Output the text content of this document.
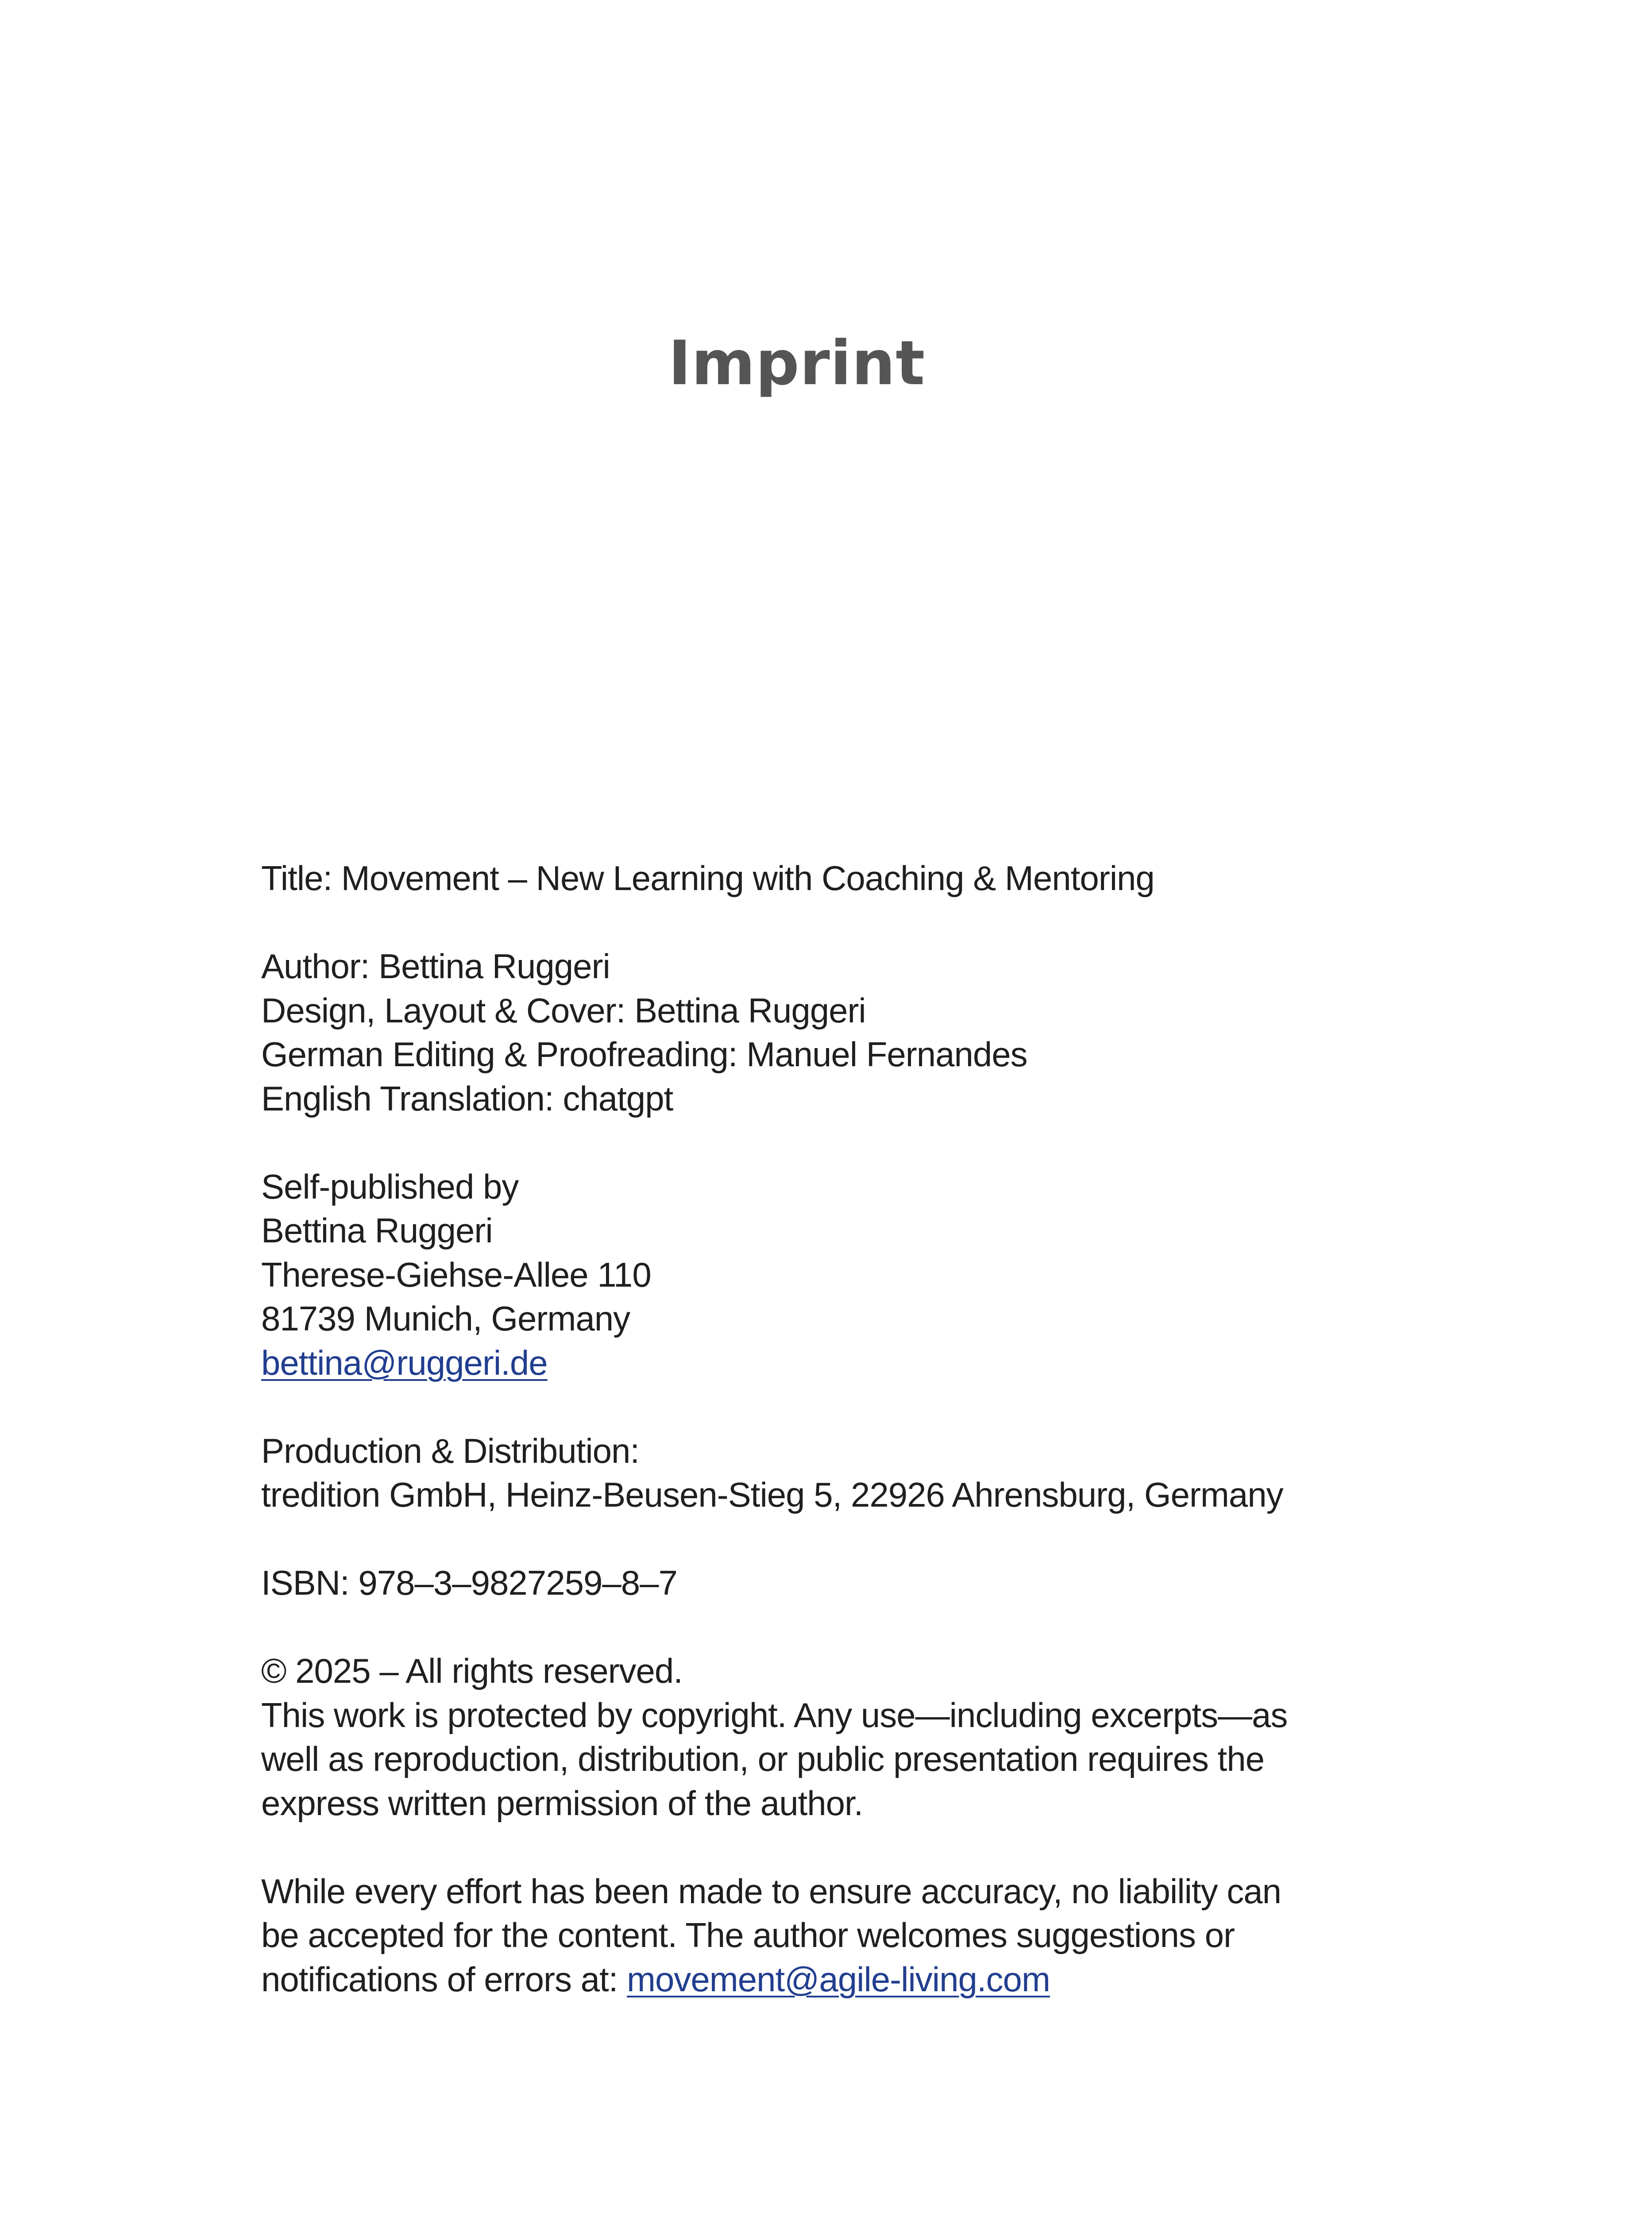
Imprint
Title: Movement – New Learning with Coaching & Mentoring
Author: Bettina Ruggeri
Design, Layout & Cover: Bettina Ruggeri
German Editing & Proofreading: Manuel Fernandes
English Translation: chatgpt
Self-published by
Bettina Ruggeri
Therese-Giehse-Allee 110
81739 Munich, Germany
bettina@ruggeri.de
Production & Distribution:
tredition GmbH, Heinz-Beusen-Stieg 5, 22926 Ahrensburg, Germany
ISBN: 978–3–9827259–8–7
© 2025 – All rights reserved.
This work is protected by copyright. Any use—including excerpts—as
well as reproduction, distribution, or public presentation requires the
express written permission of the author.
While every effort has been made to ensure accuracy, no liability can
be accepted for the content. The author welcomes suggestions or
notifications of errors at: movement@agile-living.com
